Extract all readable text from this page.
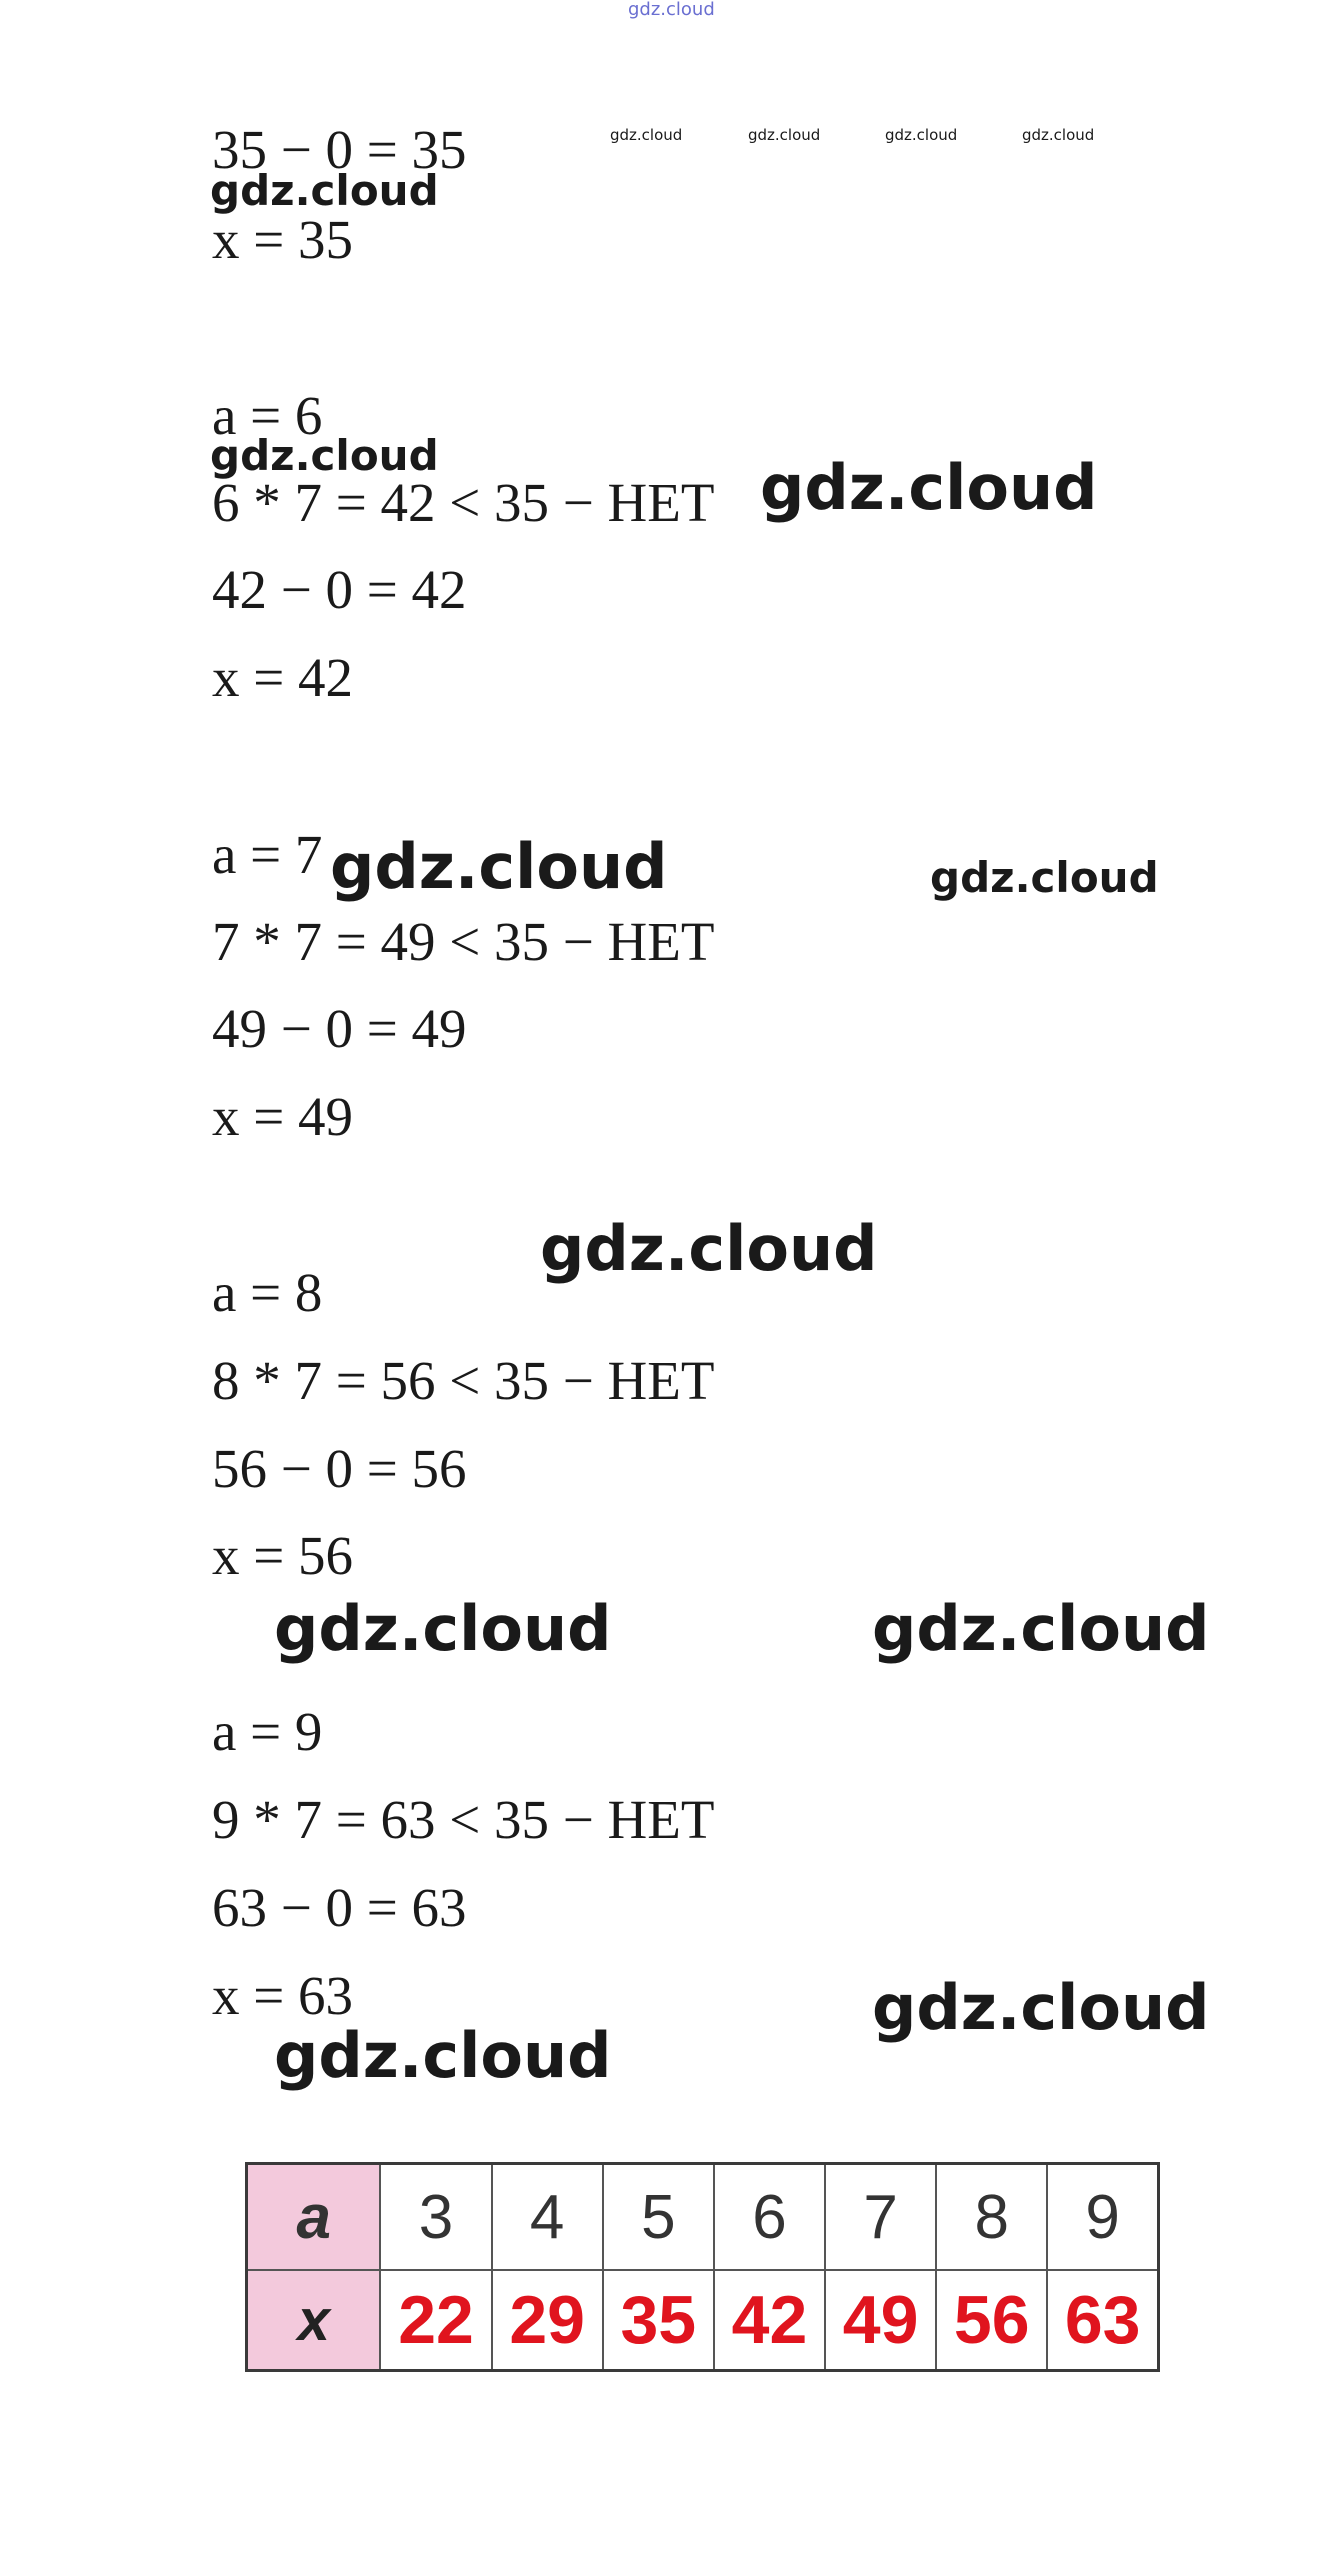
gdz.cloud
gdz.cloud	gdz.cloud	gdz.cloud	gdz.cloud
gdz.cloud
gdz.cloud	gdz.cloud
gdz.cloud	gdz.cloud
gdz.cloud
gdz.cloud	gdz.cloud
gdz.cloud
gdz.cloud
35 − 0 = 35
x = 35
a = 6
6 * 7 = 42 < 35 − НЕТ
42 − 0 = 42
x = 42
a = 7
7 * 7 = 49 < 35 − НЕТ
49 − 0 = 49
x = 49
a = 8
8 * 7 = 56 < 35 − НЕТ
56 − 0 = 56
x = 56
a = 9
9 * 7 = 63 < 35 − НЕТ
63 − 0 = 63
x = 63
a	3	4	5	6	7	8	9
x	22	29	35	42	49	56	63
